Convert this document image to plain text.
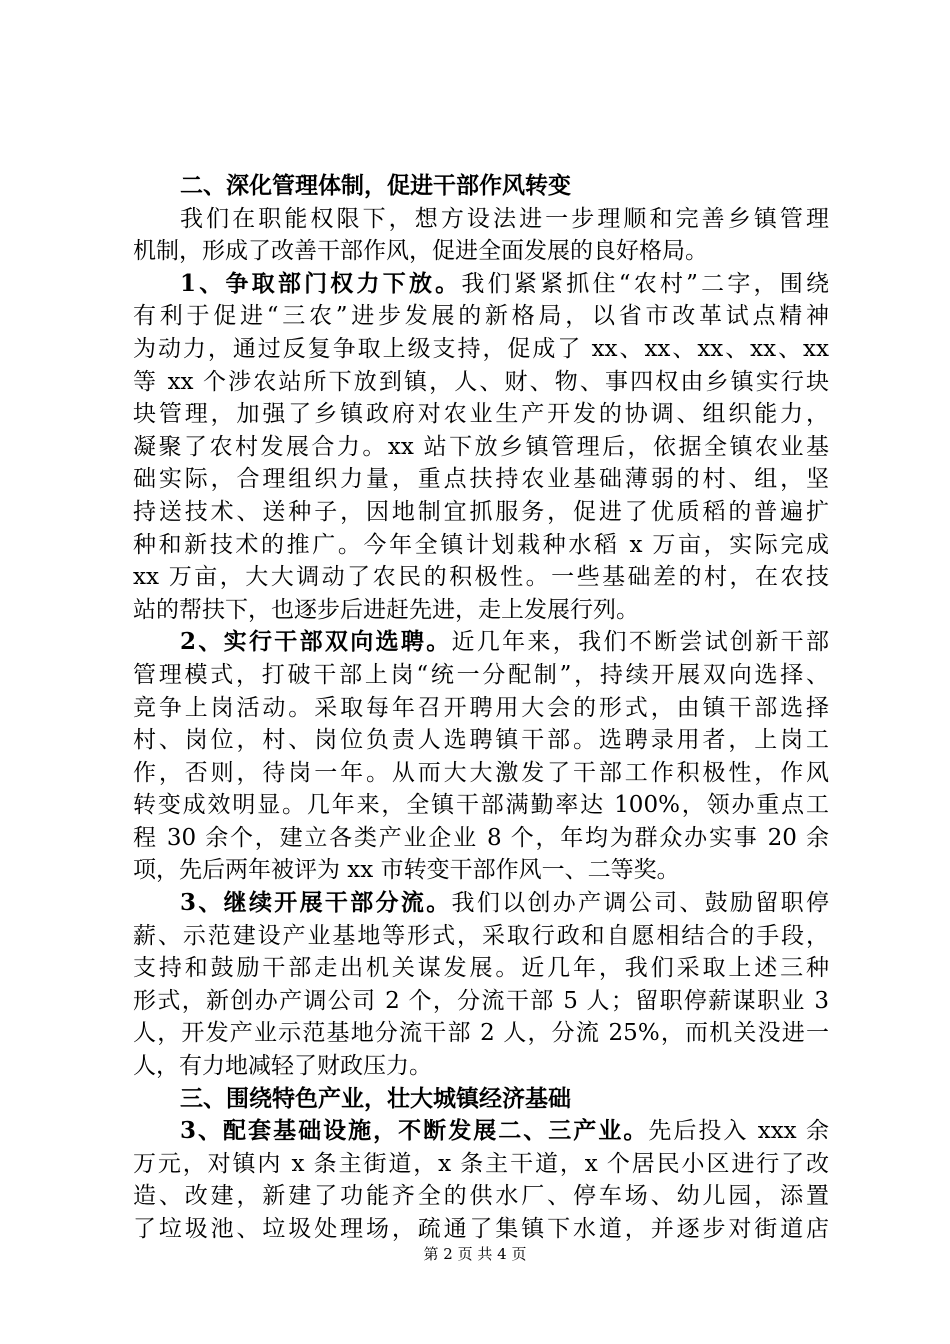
二、深化管理体制，促进干部作风转变
我们在职能权限下，想方设法进一步理顺和完善乡镇管理
机制，形成了改善干部作风，促进全面发展的良好格局。
1、争取部门权力下放。我们紧紧抓住“农村”二字，围绕
有利于促进“三农”进步发展的新格局，以省市改革试点精神
为动力，通过反复争取上级支持，促成了 xx、xx、xx、xx、xx
等 xx 个涉农站所下放到镇，人、财、物、事四权由乡镇实行块
块管理，加强了乡镇政府对农业生产开发的协调、组织能力，
凝聚了农村发展合力。xx 站下放乡镇管理后，依据全镇农业基
础实际，合理组织力量，重点扶持农业基础薄弱的村、组，坚
持送技术、送种子，因地制宜抓服务，促进了优质稻的普遍扩
种和新技术的推广。今年全镇计划栽种水稻 x 万亩，实际完成
xx 万亩，大大调动了农民的积极性。一些基础差的村，在农技
站的帮扶下，也逐步后进赶先进，走上发展行列。
2、实行干部双向选聘。近几年来，我们不断尝试创新干部
管理模式，打破干部上岗“统一分配制”，持续开展双向选择、
竞争上岗活动。采取每年召开聘用大会的形式，由镇干部选择
村、岗位，村、岗位负责人选聘镇干部。选聘录用者，上岗工
作，否则，待岗一年。从而大大激发了干部工作积极性，作风
转变成效明显。几年来，全镇干部满勤率达 100%，领办重点工
程 30 余个，建立各类产业企业 8 个，年均为群众办实事 20 余
项，先后两年被评为 xx 市转变干部作风一、二等奖。
3、继续开展干部分流。我们以创办产调公司、鼓励留职停
薪、示范建设产业基地等形式，采取行政和自愿相结合的手段，
支持和鼓励干部走出机关谋发展。近几年，我们采取上述三种
形式，新创办产调公司 2 个，分流干部 5 人；留职停薪谋职业 3
人，开发产业示范基地分流干部 2 人，分流 25%，而机关没进一
人，有力地减轻了财政压力。
三、围绕特色产业，壮大城镇经济基础
3、配套基础设施，不断发展二、三产业。先后投入 xxx 余
万元，对镇内 x 条主街道，x 条主干道，x 个居民小区进行了改
造、改建，新建了功能齐全的供水厂、停车场、幼儿园，添置
了垃圾池、垃圾处理场，疏通了集镇下水道，并逐步对街道店
第 2 页 共 4 页
